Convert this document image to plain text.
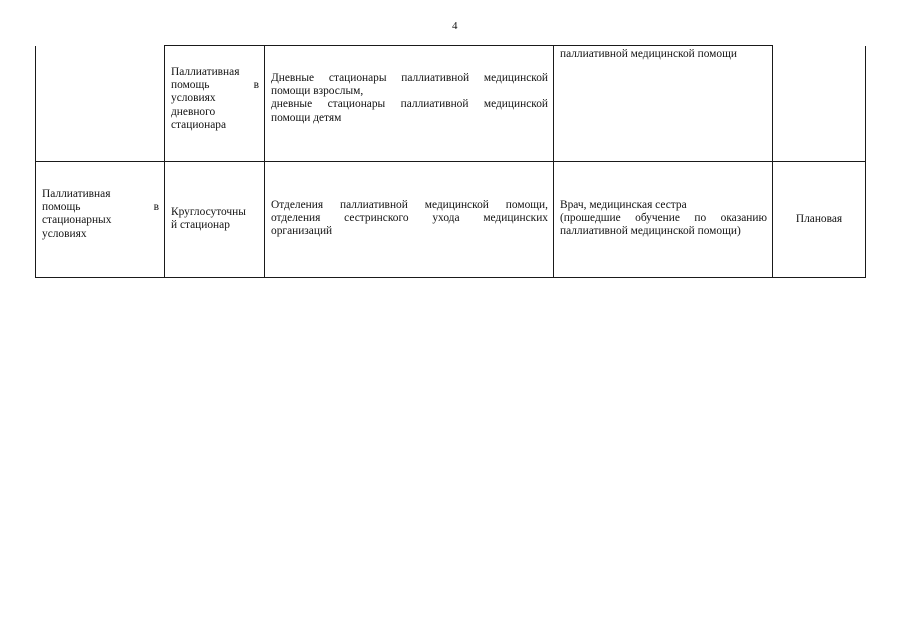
4

	Паллиативная
помощь в
условиях
дневного
стационара	Дневные стационары паллиативной медицинской
помощи взрослым,
дневные стационары паллиативной медицинской
помощи детям	паллиативной медицинской помощи	

Паллиативная
помощь в
стационарных
условиях	Круглосуточны
й стационар	Отделения паллиативной медицинской помощи,
отделения сестринского ухода медицинских
организаций	Врач, медицинская сестра
(прошедшие обучение по оказанию
паллиативной медицинской помощи)	Плановая
